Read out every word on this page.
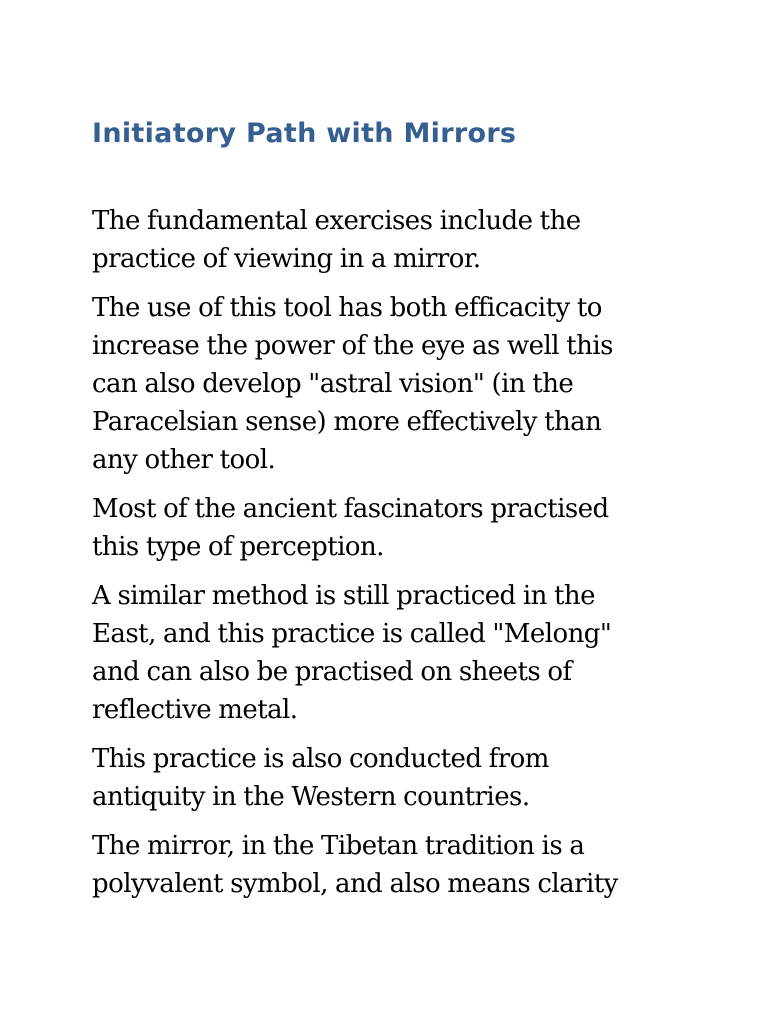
Initiatory Path with Mirrors

The fundamental exercises include the
practice of viewing in a mirror.

The use of this tool has both efficacity to
increase the power of the eye as well this
can also develop "astral vision" (in the
Paracelsian sense) more effectively than
any other tool.

Most of the ancient fascinators practised
this type of perception.

A similar method is still practiced in the
East, and this practice is called "Melong"
and can also be practised on sheets of
reflective metal.

This practice is also conducted from
antiquity in the Western countries.

The mirror, in the Tibetan tradition is a
polyvalent symbol, and also means clarity
